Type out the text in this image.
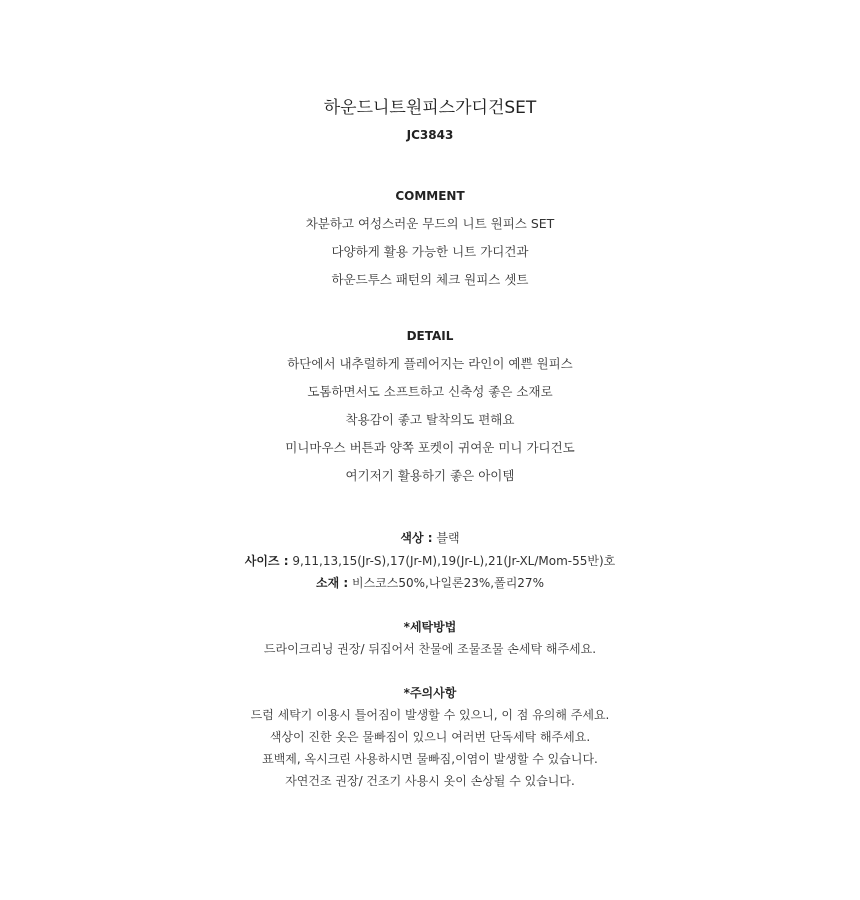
하운드니트원피스가디건SET
JC3843
COMMENT
차분하고 여성스러운 무드의 니트 원피스 SET
다양하게 활용 가능한 니트 가디건과
하운드투스 패턴의 체크 원피스 셋트
DETAIL
하단에서 내추럴하게 플레어지는 라인이 예쁜 원피스
도톰하면서도 소프트하고 신축성 좋은 소재로
착용감이 좋고 탈착의도 편해요
미니마우스 버튼과 양쪽 포켓이 귀여운 미니 가디건도
여기저기 활용하기 좋은 아이템
색상 : 블랙
사이즈 : 9,11,13,15(Jr-S),17(Jr-M),19(Jr-L),21(Jr-XL/Mom-55반)호
소재 : 비스코스50%,나일론23%,폴리27%
*세탁방법
드라이크리닝 권장/ 뒤집어서 찬물에 조물조물 손세탁 해주세요.
*주의사항
드럼 세탁기 이용시 틀어짐이 발생할 수 있으니, 이 점 유의해 주세요.
색상이 진한 옷은 물빠짐이 있으니 여러번 단독세탁 해주세요.
표백제, 옥시크린 사용하시면 물빠짐,이염이 발생할 수 있습니다.
자연건조 권장/ 건조기 사용시 옷이 손상될 수 있습니다.
